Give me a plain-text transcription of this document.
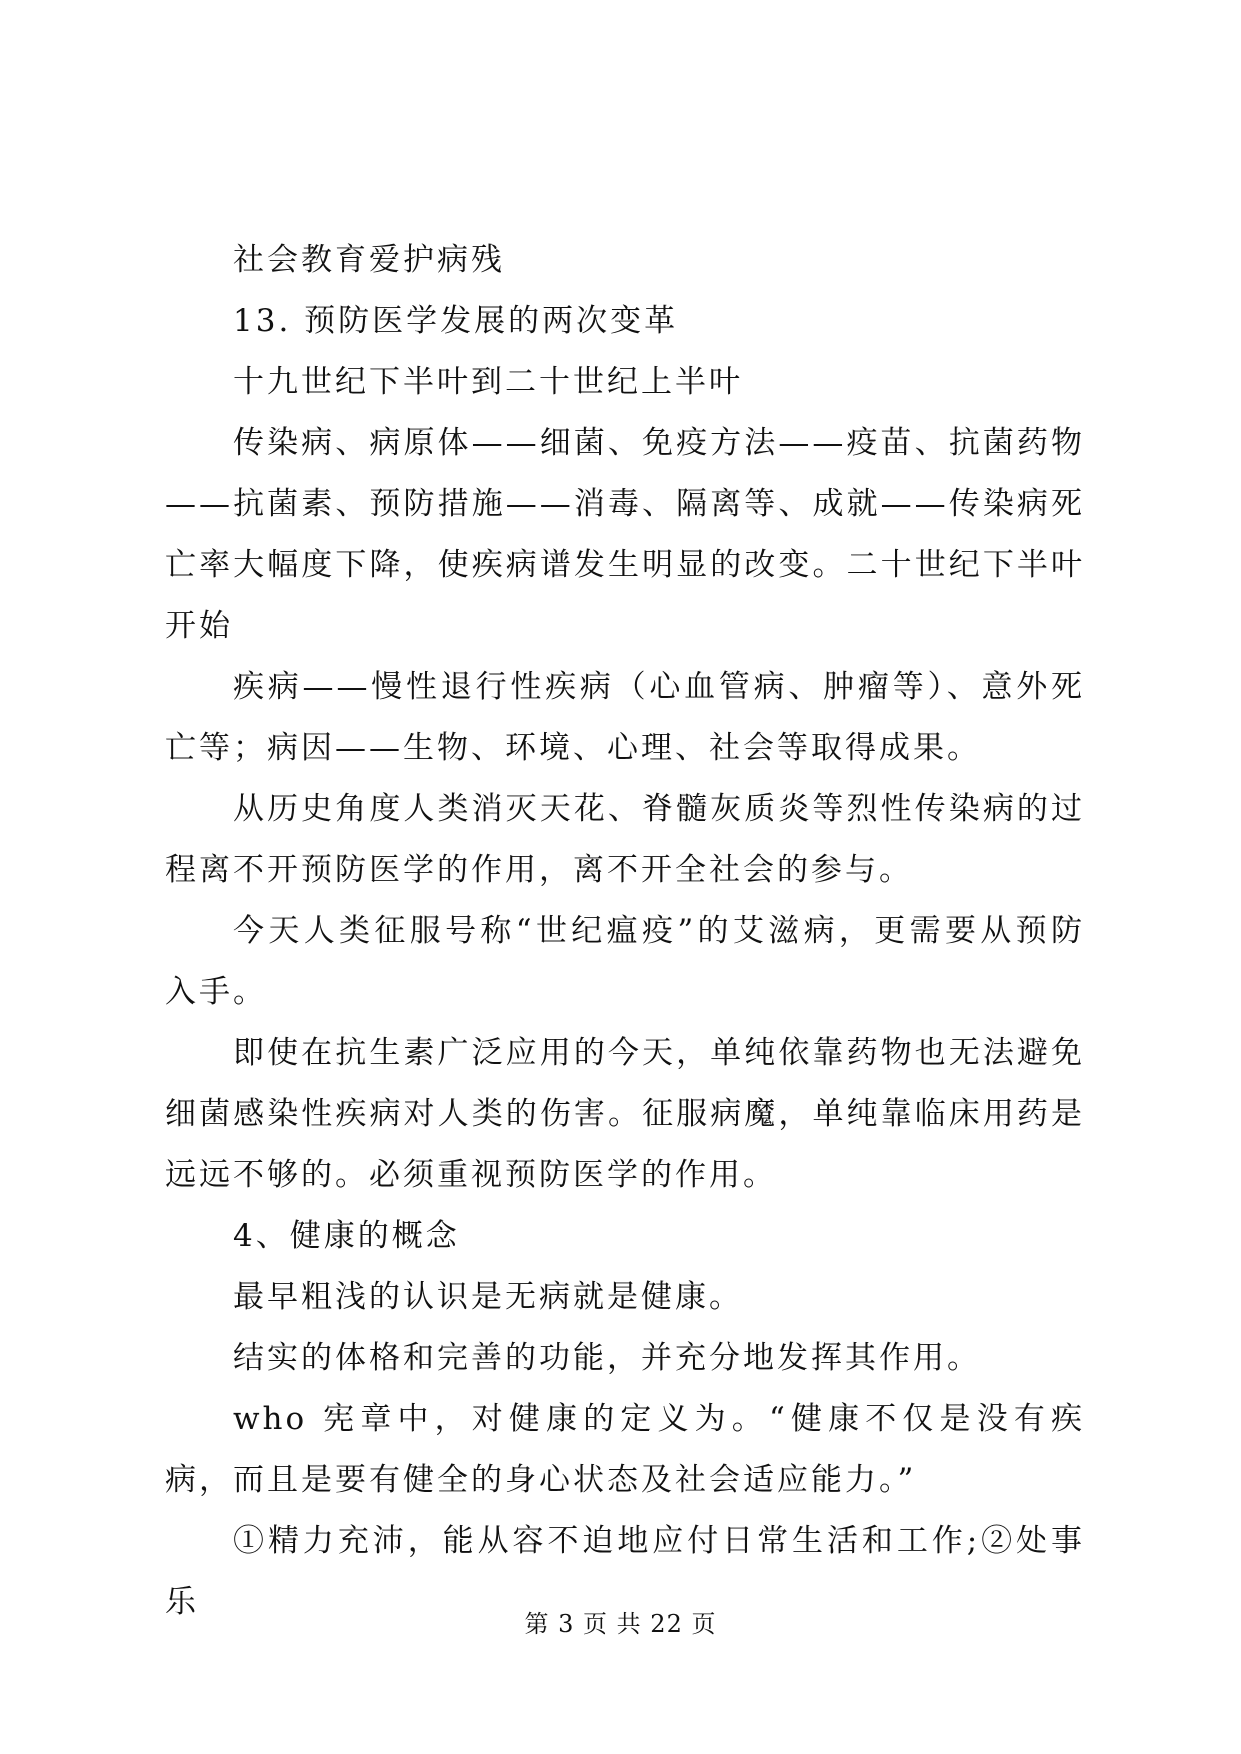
社会教育爱护病残

13. 预防医学发展的两次变革

十九世纪下半叶到二十世纪上半叶

传染病、病原体——细菌、免疫方法——疫苗、抗菌药物——抗菌素、预防措施——消毒、隔离等、成就——传染病死亡率大幅度下降，使疾病谱发生明显的改变。二十世纪下半叶开始

疾病——慢性退行性疾病（心血管病、肿瘤等）、意外死亡等；病因——生物、环境、心理、社会等取得成果。

从历史角度人类消灭天花、脊髓灰质炎等烈性传染病的过程离不开预防医学的作用，离不开全社会的参与。

今天人类征服号称“世纪瘟疫”的艾滋病，更需要从预防入手。

即使在抗生素广泛应用的今天，单纯依靠药物也无法避免细菌感染性疾病对人类的伤害。征服病魔，单纯靠临床用药是远远不够的。必须重视预防医学的作用。

4、健康的概念

最早粗浅的认识是无病就是健康。

结实的体格和完善的功能，并充分地发挥其作用。

who 宪章中，对健康的定义为。“健康不仅是没有疾病，而且是要有健全的身心状态及社会适应能力。”

①精力充沛，能从容不迫地应付日常生活和工作;②处事乐

第 3 页 共 22 页
